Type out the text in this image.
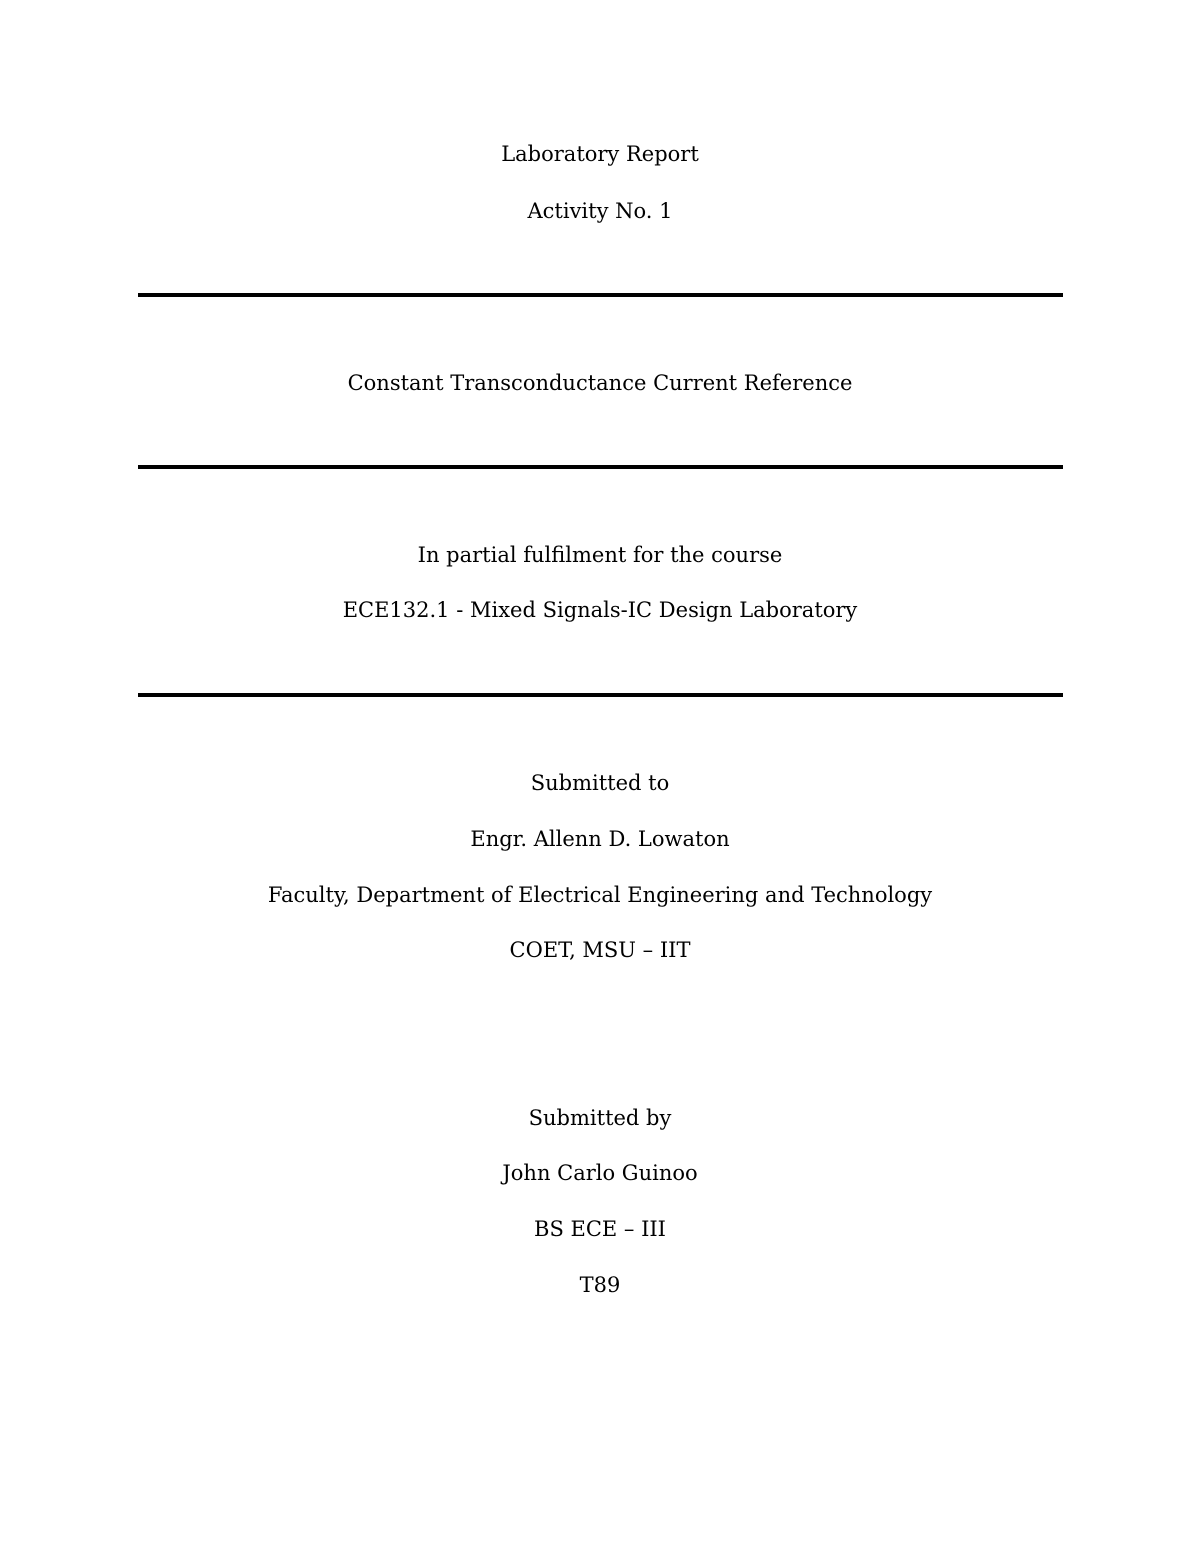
Laboratory Report
Activity No. 1
Constant Transconductance Current Reference
In partial fulfilment for the course
ECE132.1 - Mixed Signals-IC Design Laboratory
Submitted to
Engr. Allenn D. Lowaton
Faculty, Department of Electrical Engineering and Technology
COET, MSU – IIT
Submitted by
John Carlo Guinoo
BS ECE – III
T89
